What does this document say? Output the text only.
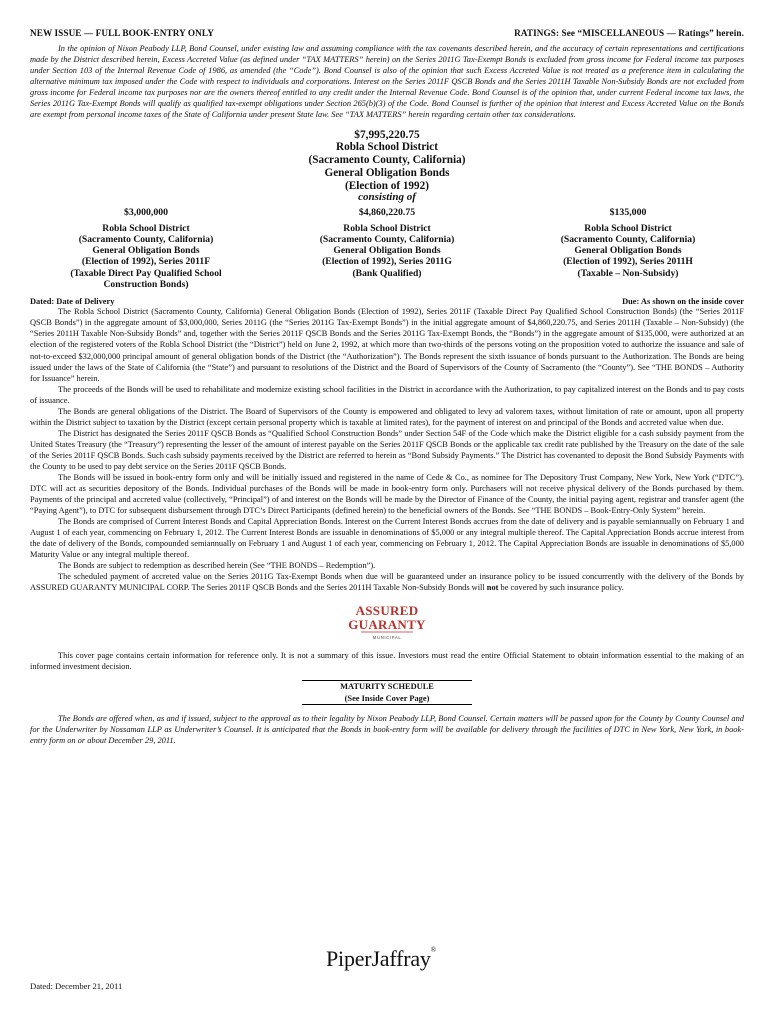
NEW ISSUE — FULL BOOK-ENTRY ONLY	RATINGS: See “MISCELLANEOUS — Ratings” herein.

In the opinion of Nixon Peabody LLP, Bond Counsel, under existing law and assuming compliance with the tax covenants described herein, and the accuracy of certain representations and certifications made by the District described herein, Excess Accreted Value (as defined under “TAX MATTERS” herein) on the Series 2011G Tax-Exempt Bonds is excluded from gross income for Federal income tax purposes under Section 103 of the Internal Revenue Code of 1986, as amended (the “Code”). Bond Counsel is also of the opinion that such Excess Accreted Value is not treated as a preference item in calculating the alternative minimum tax imposed under the Code with respect to individuals and corporations. Interest on the Series 2011F QSCB Bonds and the Series 2011H Taxable Non-Subsidy Bonds are not excluded from gross income for Federal income tax purposes nor are the owners thereof entitled to any credit under the Internal Revenue Code. Bond Counsel is of the opinion that, under current Federal income tax laws, the Series 2011G Tax-Exempt Bonds will qualify as qualified tax-exempt obligations under Section 265(b)(3) of the Code. Bond Counsel is further of the opinion that interest and Excess Accreted Value on the Bonds are exempt from personal income taxes of the State of California under present State law. See “TAX MATTERS” herein regarding certain other tax considerations.

$7,995,220.75
Robla School District
(Sacramento County, California)
General Obligation Bonds
(Election of 1992)
consisting of
$3,000,000
Robla School District
(Sacramento County, California)
General Obligation Bonds
(Election of 1992), Series 2011F
(Taxable Direct Pay Qualified School
Construction Bonds)
$4,860,220.75
Robla School District
(Sacramento County, California)
General Obligation Bonds
(Election of 1992), Series 2011G
(Bank Qualified)
$135,000
Robla School District
(Sacramento County, California)
General Obligation Bonds
(Election of 1992), Series 2011H
(Taxable – Non-Subsidy)
Dated: Date of Delivery	Due: As shown on the inside cover

The Robla School District (Sacramento County, California) General Obligation Bonds (Election of 1992), Series 2011F (Taxable Direct Pay Qualified School Construction Bonds) (the “Series 2011F QSCB Bonds”) in the aggregate amount of $3,000,000, Series 2011G (the “Series 2011G Tax-Exempt Bonds”) in the initial aggregate amount of $4,860,220.75, and Series 2011H (Taxable – Non-Subsidy) (the “Series 2011H Taxable Non-Subsidy Bonds” and, together with the Series 2011F QSCB Bonds and the Series 2011G Tax-Exempt Bonds, the “Bonds”) in the aggregate amount of $135,000, were authorized at an election of the registered voters of the Robla School District (the “District”) held on June 2, 1992, at which more than two-thirds of the persons voting on the proposition voted to authorize the issuance and sale of not-to-exceed $32,000,000 principal amount of general obligation bonds of the District (the “Authorization”). The Bonds represent the sixth issuance of bonds pursuant to the Authorization. The Bonds are being issued under the laws of the State of California (the “State”) and pursuant to resolutions of the District and the Board of Supervisors of the County of Sacramento (the “County”). See “THE BONDS – Authority for Issuance” herein.

The proceeds of the Bonds will be used to rehabilitate and modernize existing school facilities in the District in accordance with the Authorization, to pay capitalized interest on the Bonds and to pay costs of issuance.

The Bonds are general obligations of the District. The Board of Supervisors of the County is empowered and obligated to levy ad valorem taxes, without limitation of rate or amount, upon all property within the District subject to taxation by the District (except certain personal property which is taxable at limited rates), for the payment of interest on and principal of the Bonds and accreted value when due.

The District has designated the Series 2011F QSCB Bonds as “Qualified School Construction Bonds” under Section 54F of the Code which make the District eligible for a cash subsidy payment from the United States Treasury (the “Treasury”) representing the lesser of the amount of interest payable on the Series 2011F QSCB Bonds or the applicable tax credit rate published by the Treasury on the date of the sale of the Series 2011F QSCB Bonds. Such cash subsidy payments received by the District are referred to herein as “Bond Subsidy Payments.” The District has covenanted to deposit the Bond Subsidy Payments with the County to be used to pay debt service on the Series 2011F QSCB Bonds.

The Bonds will be issued in book-entry form only and will be initially issued and registered in the name of Cede & Co., as nominee for The Depository Trust Company, New York, New York (“DTC”). DTC will act as securities depository of the Bonds. Individual purchases of the Bonds will be made in book-entry form only. Purchasers will not receive physical delivery of the Bonds purchased by them. Payments of the principal and accreted value (collectively, “Principal”) of and interest on the Bonds will be made by the Director of Finance of the County, the initial paying agent, registrar and transfer agent (the “Paying Agent”), to DTC for subsequent disbursement through DTC’s Direct Participants (defined herein) to the beneficial owners of the Bonds. See “THE BONDS – Book-Entry-Only System” herein.

The Bonds are comprised of Current Interest Bonds and Capital Appreciation Bonds. Interest on the Current Interest Bonds accrues from the date of delivery and is payable semiannually on February 1 and August 1 of each year, commencing on February 1, 2012. The Current Interest Bonds are issuable in denominations of $5,000 or any integral multiple thereof. The Capital Appreciation Bonds accrue interest from the date of delivery of the Bonds, compounded semiannually on February 1 and August 1 of each year, commencing on February 1, 2012. The Capital Appreciation Bonds are issuable in denominations of $5,000 Maturity Value or any integral multiple thereof.

The Bonds are subject to redemption as described herein (See “THE BONDS – Redemption”).

The scheduled payment of accreted value on the Series 2011G Tax-Exempt Bonds when due will be guaranteed under an insurance policy to be issued concurrently with the delivery of the Bonds by ASSURED GUARANTY MUNICIPAL CORP. The Series 2011F QSCB Bonds and the Series 2011H Taxable Non-Subsidy Bonds will not be covered by such insurance policy.

ASSURED
GUARANTY
MUNICIPAL

This cover page contains certain information for reference only. It is not a summary of this issue. Investors must read the entire Official Statement to obtain information essential to the making of an informed investment decision.

MATURITY SCHEDULE
(See Inside Cover Page)

The Bonds are offered when, as and if issued, subject to the approval as to their legality by Nixon Peabody LLP, Bond Counsel. Certain matters will be passed upon for the County by County Counsel and for the Underwriter by Nossaman LLP as Underwriter’s Counsel. It is anticipated that the Bonds in book-entry form will be available for delivery through the facilities of DTC in New York, New York, in book-entry form on or about December 29, 2011.

PiperJaffray®
Dated: December 21, 2011
